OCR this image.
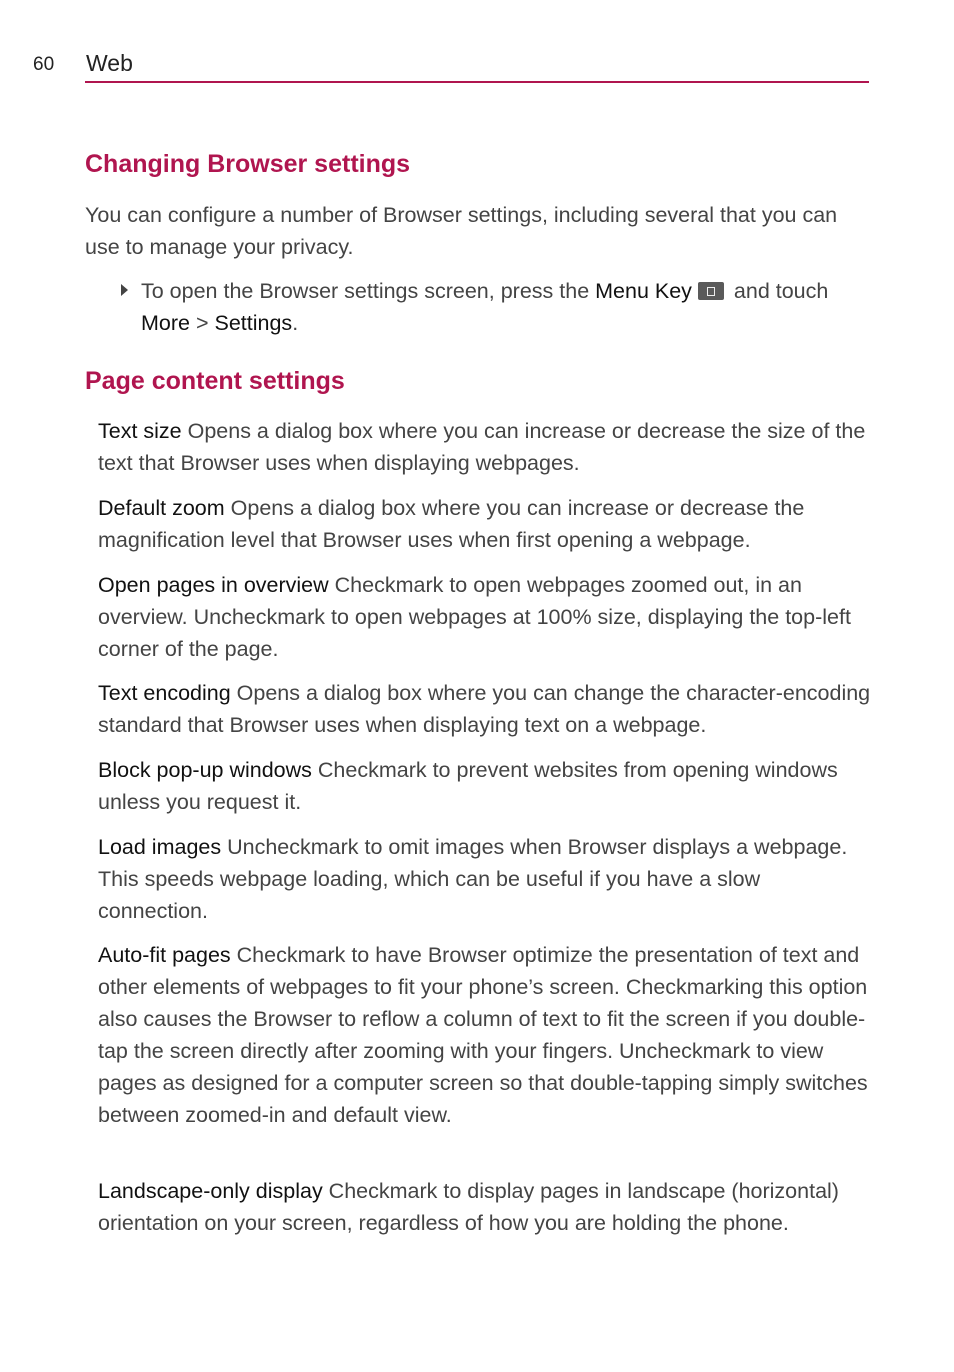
60 Web
Changing Browser settings

You can configure a number of Browser settings, including several that you can use to manage your privacy.

To open the Browser settings screen, press the Menu Key and touch More > Settings.

Page content settings

Text size Opens a dialog box where you can increase or decrease the size of the text that Browser uses when displaying webpages.

Default zoom Opens a dialog box where you can increase or decrease the magnification level that Browser uses when first opening a webpage.

Open pages in overview Checkmark to open webpages zoomed out, in an overview. Uncheckmark to open webpages at 100% size, displaying the top-left corner of the page.

Text encoding Opens a dialog box where you can change the character-encoding standard that Browser uses when displaying text on a webpage.

Block pop-up windows Checkmark to prevent websites from opening windows unless you request it.

Load images Uncheckmark to omit images when Browser displays a webpage. This speeds webpage loading, which can be useful if you have a slow connection.

Auto-fit pages Checkmark to have Browser optimize the presentation of text and other elements of webpages to fit your phone’s screen. Checkmarking this option also causes the Browser to reflow a column of text to fit the screen if you double-tap the screen directly after zooming with your fingers. Uncheckmark to view pages as designed for a computer screen so that double-tapping simply switches between zoomed-in and default view.

Landscape-only display Checkmark to display pages in landscape (horizontal) orientation on your screen, regardless of how you are holding the phone.
